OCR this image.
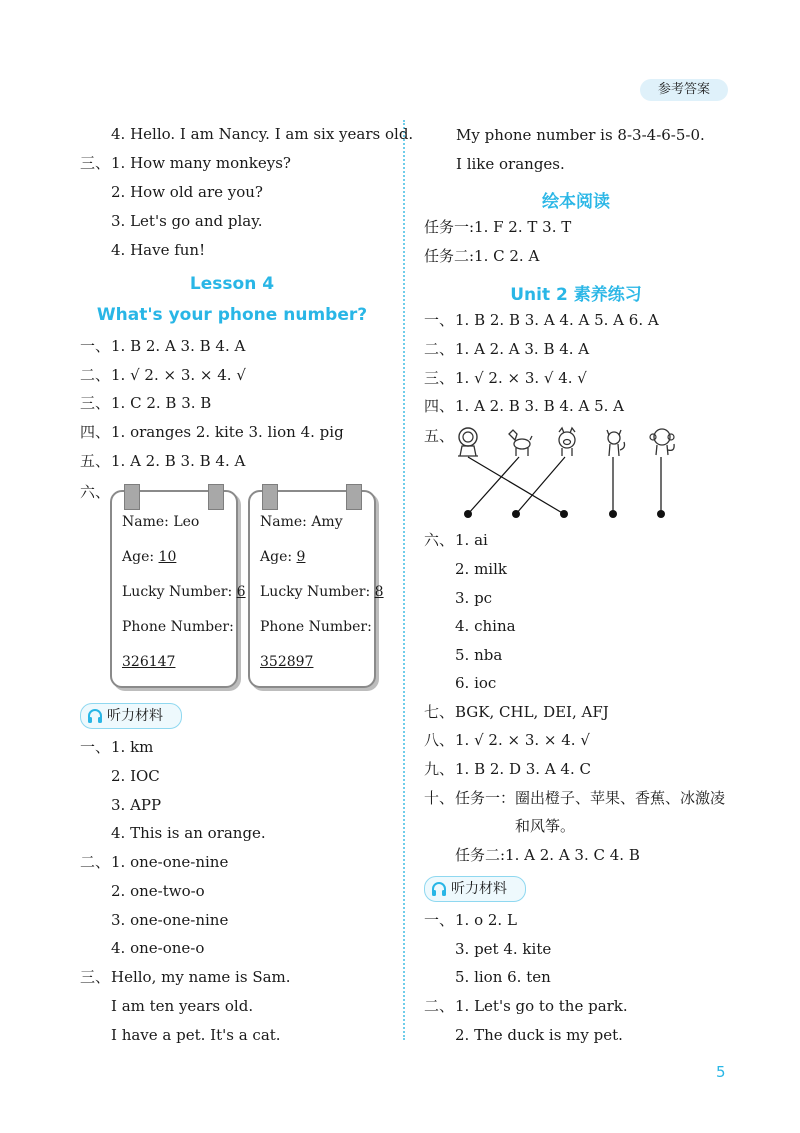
参考答案
4. Hello. I am Nancy. I am six years old.
三、 1. How many monkeys?
2. How old are you?
3. Let's go and play.
4. Have fun!
Lesson 4
What's your phone number?
一、 1. B 2. A 3. B 4. A
二、 1. √ 2. × 3. × 4. √
三、 1. C 2. B 3. B
四、 1. oranges 2. kite 3. lion 4. pig
五、 1. A 2. B 3. B 4. A
六、
Name: Leo
Age: 10
Lucky Number: 6
Phone Number:
326147
Name: Amy
Age: 9
Lucky Number: 8
Phone Number:
352897
听力材料
一、 1. km
2. IOC
3. APP
4. This is an orange.
二、 1. one-one-nine
2. one-two-o
3. one-one-nine
4. one-one-o
三、 Hello, my name is Sam.
I am ten years old.
I have a pet. It's a cat.
My phone number is 8-3-4-6-5-0.
I like oranges.
绘本阅读
任务一:1. F 2. T 3. T
任务二:1. C 2. A
Unit 2 素养练习
一、 1. B 2. B 3. A 4. A 5. A 6. A
二、 1. A 2. A 3. B 4. A
三、 1. √ 2. × 3. √ 4. √
四、 1. A 2. B 3. B 4. A 5. A
五、
六、 1. ai
2. milk
3. pc
4. china
5. nba
6. ioc
七、 BGK, CHL, DEI, AFJ
八、 1. √ 2. × 3. × 4. √
九、 1. B 2. D 3. A 4. C
十、 任务一：圈出橙子、苹果、香蕉、冰激凌
和风筝。
任务二:1. A 2. A 3. C 4. B
听力材料
一、 1. o 2. L
3. pet 4. kite
5. lion 6. ten
二、 1. Let's go to the park.
2. The duck is my pet.
5
